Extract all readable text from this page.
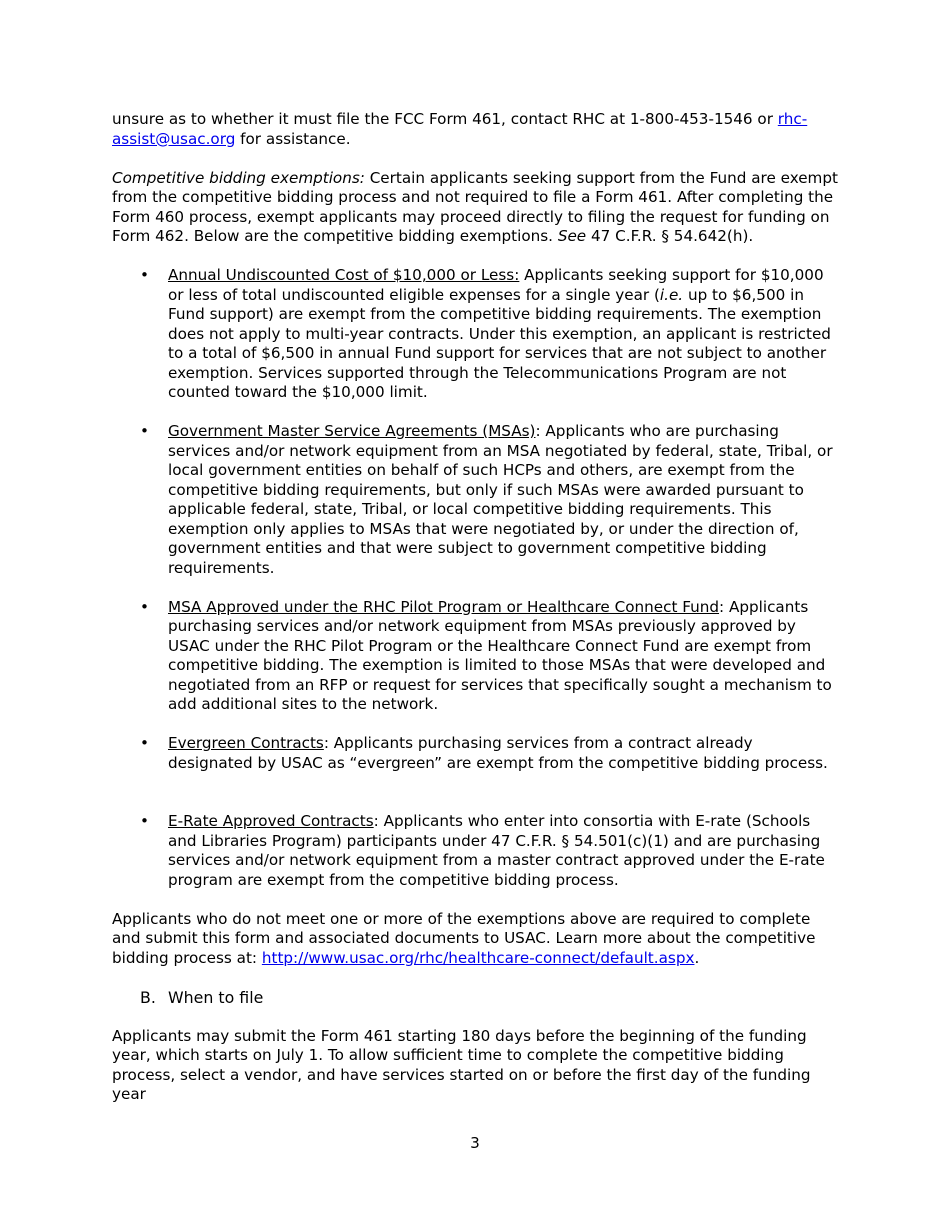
unsure as to whether it must file the FCC Form 461, contact RHC at 1-800-453-1546 or rhc-assist@usac.org for assistance.

Competitive bidding exemptions: Certain applicants seeking support from the Fund are exempt from the competitive bidding process and not required to file a Form 461. After completing the Form 460 process, exempt applicants may proceed directly to filing the request for funding on Form 462. Below are the competitive bidding exemptions. See 47 C.F.R. § 54.642(h).

• Annual Undiscounted Cost of $10,000 or Less: Applicants seeking support for $10,000 or less of total undiscounted eligible expenses for a single year (i.e. up to $6,500 in Fund support) are exempt from the competitive bidding requirements. The exemption does not apply to multi-year contracts. Under this exemption, an applicant is restricted to a total of $6,500 in annual Fund support for services that are not subject to another exemption. Services supported through the Telecommunications Program are not counted toward the $10,000 limit.
• Government Master Service Agreements (MSAs): Applicants who are purchasing services and/or network equipment from an MSA negotiated by federal, state, Tribal, or local government entities on behalf of such HCPs and others, are exempt from the competitive bidding requirements, but only if such MSAs were awarded pursuant to applicable federal, state, Tribal, or local competitive bidding requirements. This exemption only applies to MSAs that were negotiated by, or under the direction of, government entities and that were subject to government competitive bidding requirements.
• MSA Approved under the RHC Pilot Program or Healthcare Connect Fund: Applicants purchasing services and/or network equipment from MSAs previously approved by USAC under the RHC Pilot Program or the Healthcare Connect Fund are exempt from competitive bidding. The exemption is limited to those MSAs that were developed and negotiated from an RFP or request for services that specifically sought a mechanism to add additional sites to the network.
• Evergreen Contracts: Applicants purchasing services from a contract already designated by USAC as “evergreen” are exempt from the competitive bidding process.
• E-Rate Approved Contracts: Applicants who enter into consortia with E-rate (Schools and Libraries Program) participants under 47 C.F.R. § 54.501(c)(1) and are purchasing services and/or network equipment from a master contract approved under the E-rate program are exempt from the competitive bidding process.

Applicants who do not meet one or more of the exemptions above are required to complete and submit this form and associated documents to USAC. Learn more about the competitive bidding process at: http://www.usac.org/rhc/healthcare-connect/default.aspx.

B. When to file

Applicants may submit the Form 461 starting 180 days before the beginning of the funding year, which starts on July 1. To allow sufficient time to complete the competitive bidding process, select a vendor, and have services started on or before the first day of the funding year

3
